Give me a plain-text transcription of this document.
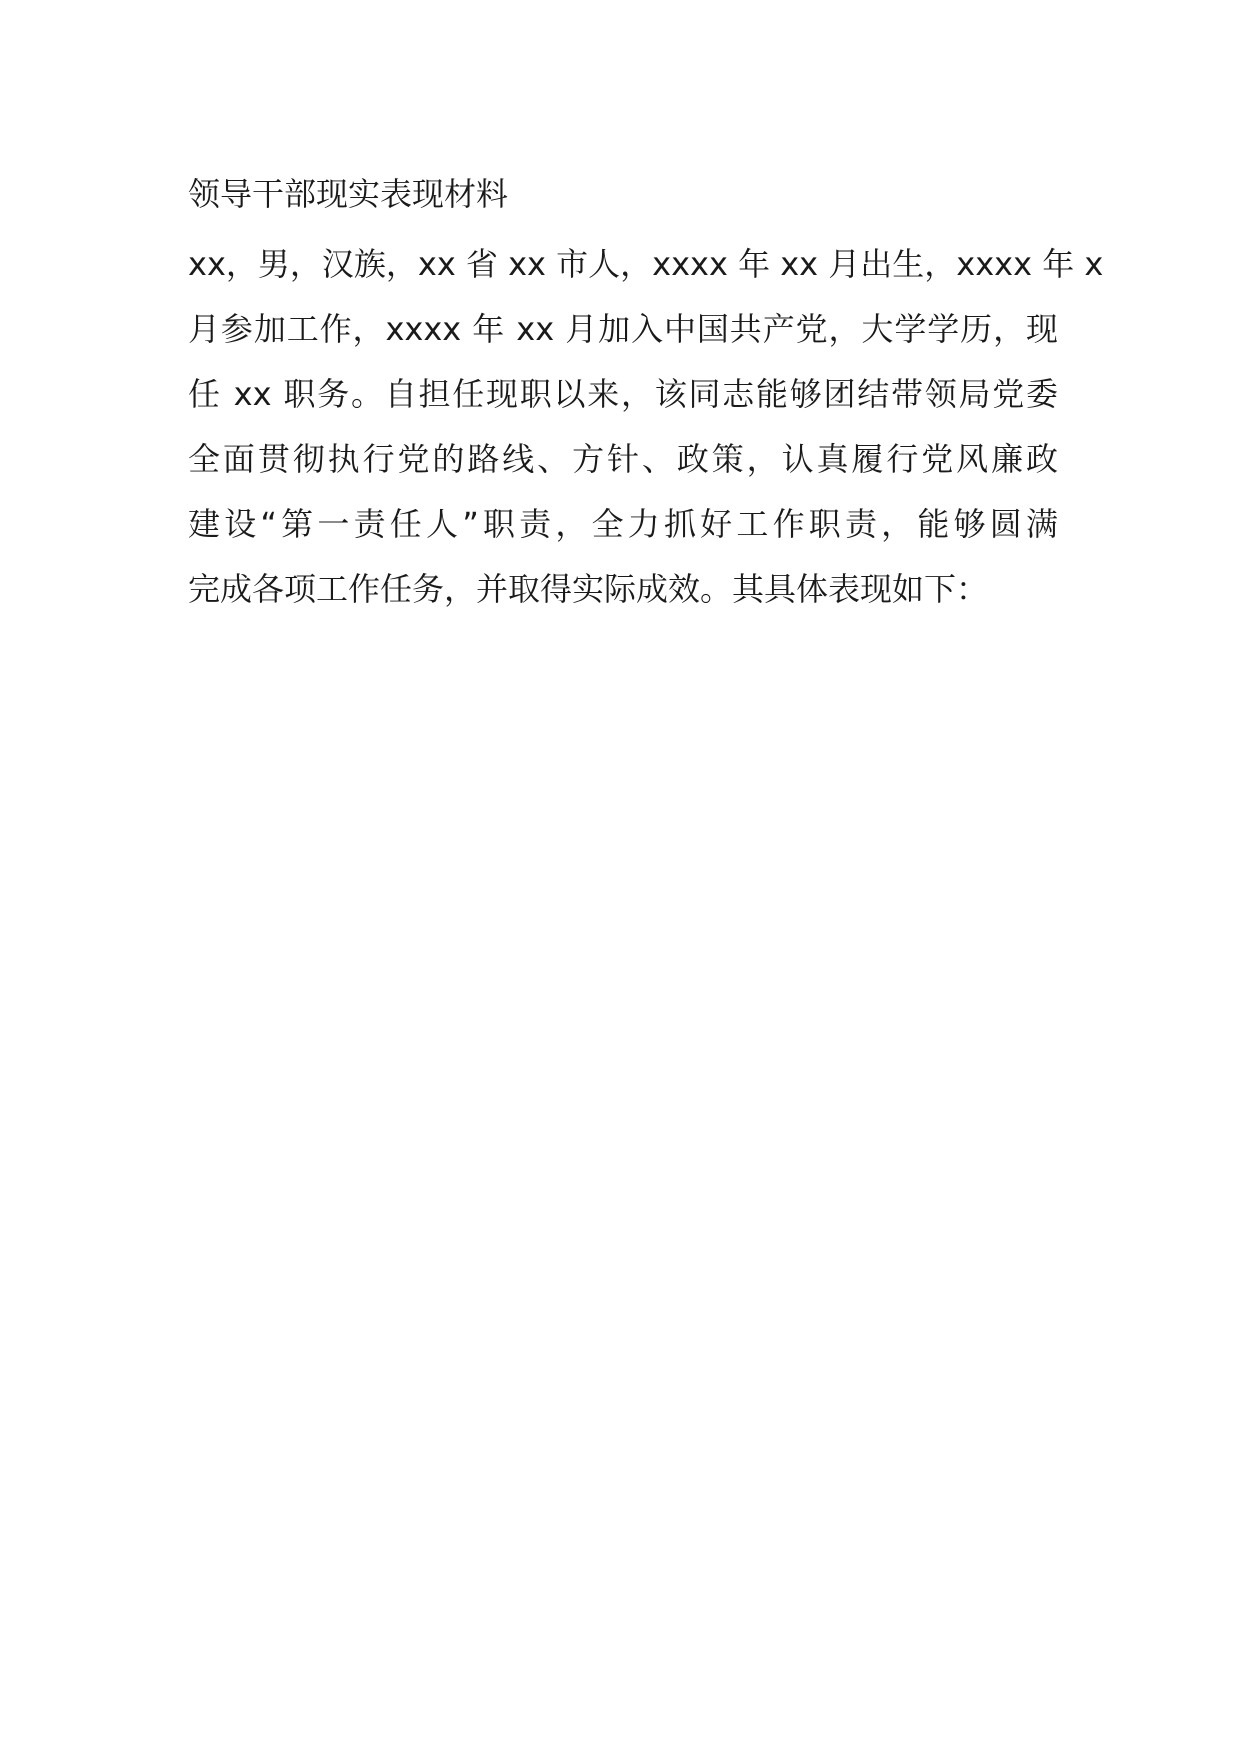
领导干部现实表现材料
xx，男，汉族，xx 省 xx 市人，xxxx 年 xx 月出生，xxxx 年 x
月参加工作，xxxx 年 xx 月加入中国共产党，大学学历，现
任 xx 职务。自担任现职以来，该同志能够团结带领局党委
全面贯彻执行党的路线、方针、政策，认真履行党风廉政
建设“第一责任人”职责，全力抓好工作职责，能够圆满
完成各项工作任务，并取得实际成效。其具体表现如下：
